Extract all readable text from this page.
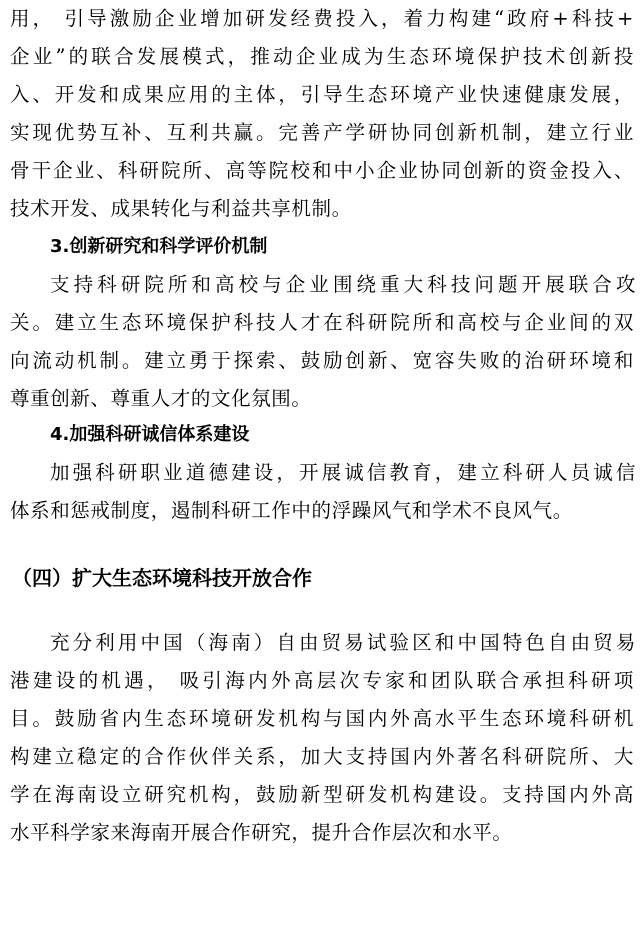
用， 引导激励企业增加研发经费投入，着力构建“政府+科技+
企业”的联合发展模式，推动企业成为生态环境保护技术创新投
入、开发和成果应用的主体，引导生态环境产业快速健康发展，
实现优势互补、互利共赢。完善产学研协同创新机制，建立行业
骨干企业、科研院所、高等院校和中小企业协同创新的资金投入、
技术开发、成果转化与利益共享机制。
3.创新研究和科学评价机制
支持科研院所和高校与企业围绕重大科技问题开展联合攻
关。建立生态环境保护科技人才在科研院所和高校与企业间的双
向流动机制。建立勇于探索、鼓励创新、宽容失败的治研环境和
尊重创新、尊重人才的文化氛围。
4.加强科研诚信体系建设
加强科研职业道德建设，开展诚信教育，建立科研人员诚信
体系和惩戒制度，遏制科研工作中的浮躁风气和学术不良风气。
（四）扩大生态环境科技开放合作
充分利用中国（海南）自由贸易试验区和中国特色自由贸易
港建设的机遇， 吸引海内外高层次专家和团队联合承担科研项
目。鼓励省内生态环境研发机构与国内外高水平生态环境科研机
构建立稳定的合作伙伴关系，加大支持国内外著名科研院所、大
学在海南设立研究机构，鼓励新型研发机构建设。支持国内外高
水平科学家来海南开展合作研究，提升合作层次和水平。
